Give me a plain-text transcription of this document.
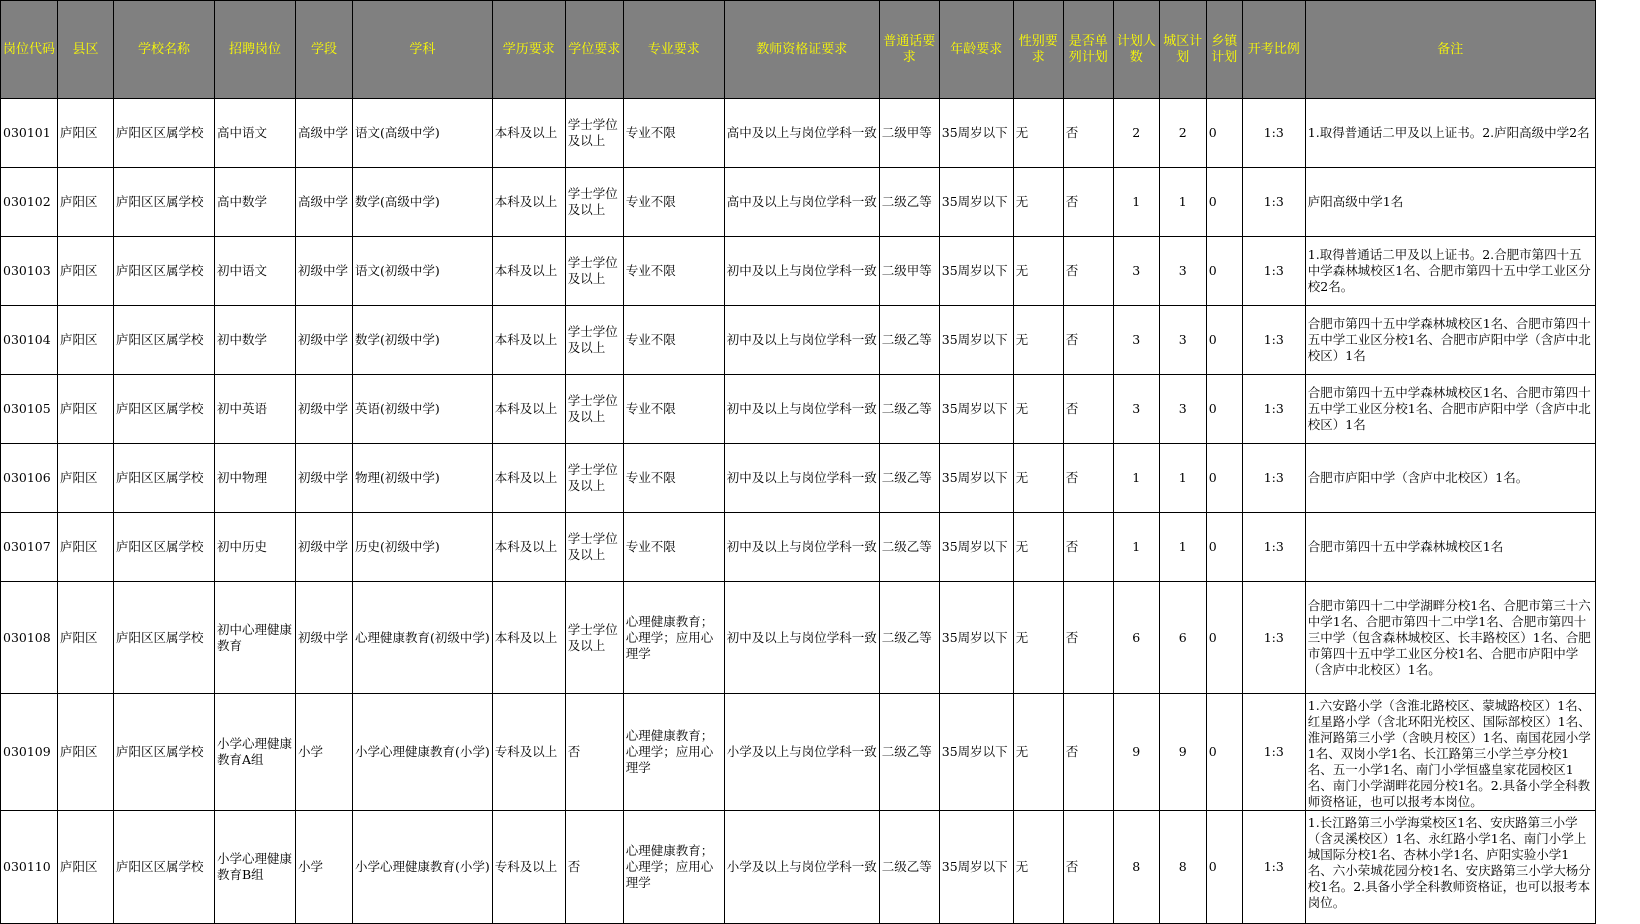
岗位代码	县区	学校名称	招聘岗位	学段	学科	学历要求	学位要求	专业要求	教师资格证要求	普通话要求	年龄要求	性别要求	是否单列计划	计划人数	城区计划	乡镇计划	开考比例	备注
030101	庐阳区	庐阳区区属学校	高中语文	高级中学	语文(高级中学)	本科及以上	学士学位及以上	专业不限	高中及以上与岗位学科一致	二级甲等	35周岁以下	无	否	2	2	0	1:3	1.取得普通话二甲及以上证书。2.庐阳高级中学2名
030102	庐阳区	庐阳区区属学校	高中数学	高级中学	数学(高级中学)	本科及以上	学士学位及以上	专业不限	高中及以上与岗位学科一致	二级乙等	35周岁以下	无	否	1	1	0	1:3	庐阳高级中学1名
030103	庐阳区	庐阳区区属学校	初中语文	初级中学	语文(初级中学)	本科及以上	学士学位及以上	专业不限	初中及以上与岗位学科一致	二级甲等	35周岁以下	无	否	3	3	0	1:3	1.取得普通话二甲及以上证书。2.合肥市第四十五中学森林城校区1名、合肥市第四十五中学工业区分校2名。
030104	庐阳区	庐阳区区属学校	初中数学	初级中学	数学(初级中学)	本科及以上	学士学位及以上	专业不限	初中及以上与岗位学科一致	二级乙等	35周岁以下	无	否	3	3	0	1:3	合肥市第四十五中学森林城校区1名、合肥市第四十五中学工业区分校1名、合肥市庐阳中学（含庐中北校区）1名
030105	庐阳区	庐阳区区属学校	初中英语	初级中学	英语(初级中学)	本科及以上	学士学位及以上	专业不限	初中及以上与岗位学科一致	二级乙等	35周岁以下	无	否	3	3	0	1:3	合肥市第四十五中学森林城校区1名、合肥市第四十五中学工业区分校1名、合肥市庐阳中学（含庐中北校区）1名
030106	庐阳区	庐阳区区属学校	初中物理	初级中学	物理(初级中学)	本科及以上	学士学位及以上	专业不限	初中及以上与岗位学科一致	二级乙等	35周岁以下	无	否	1	1	0	1:3	合肥市庐阳中学（含庐中北校区）1名。
030107	庐阳区	庐阳区区属学校	初中历史	初级中学	历史(初级中学)	本科及以上	学士学位及以上	专业不限	初中及以上与岗位学科一致	二级乙等	35周岁以下	无	否	1	1	0	1:3	合肥市第四十五中学森林城校区1名
030108	庐阳区	庐阳区区属学校	初中心理健康教育	初级中学	心理健康教育(初级中学)	本科及以上	学士学位及以上	心理健康教育；心理学；应用心理学	初中及以上与岗位学科一致	二级乙等	35周岁以下	无	否	6	6	0	1:3	合肥市第四十二中学湖畔分校1名、合肥市第三十六中学1名、合肥市第四十二中学1名、合肥市第四十三中学（包含森林城校区、长丰路校区）1名、合肥市第四十五中学工业区分校1名、合肥市庐阳中学（含庐中北校区）1名。
030109	庐阳区	庐阳区区属学校	小学心理健康教育A组	小学	小学心理健康教育(小学)	专科及以上	否	心理健康教育；心理学；应用心理学	小学及以上与岗位学科一致	二级乙等	35周岁以下	无	否	9	9	0	1:3	1.六安路小学（含淮北路校区、蒙城路校区）1名、红星路小学（含北环阳光校区、国际部校区）1名、淮河路第三小学（含映月校区）1名、南国花园小学1名、双岗小学1名、长江路第三小学兰亭分校1名、五一小学1名、南门小学恒盛皇家花园校区1名、南门小学湖畔花园分校1名。2.具备小学全科教师资格证，也可以报考本岗位。
030110	庐阳区	庐阳区区属学校	小学心理健康教育B组	小学	小学心理健康教育(小学)	专科及以上	否	心理健康教育；心理学；应用心理学	小学及以上与岗位学科一致	二级乙等	35周岁以下	无	否	8	8	0	1:3	1.长江路第三小学海棠校区1名、安庆路第三小学（含灵溪校区）1名、永红路小学1名、南门小学上城国际分校1名、杏林小学1名、庐阳实验小学1名、六小荣城花园分校1名、安庆路第三小学大杨分校1名。2.具备小学全科教师资格证，也可以报考本岗位。
